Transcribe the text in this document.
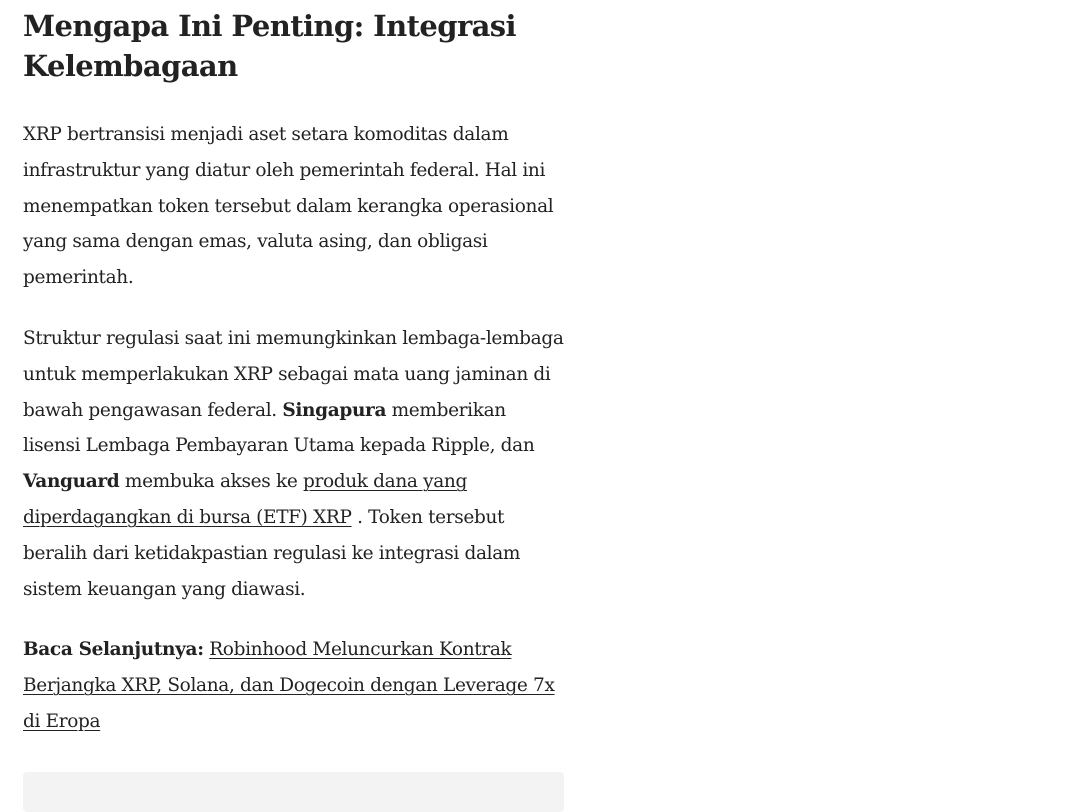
Mengapa Ini Penting: Integrasi Kelembagaan

XRP bertransisi menjadi aset setara komoditas dalam infrastruktur yang diatur oleh pemerintah federal. Hal ini menempatkan token tersebut dalam kerangka operasional yang sama dengan emas, valuta asing, dan obligasi pemerintah.

Struktur regulasi saat ini memungkinkan lembaga-lembaga untuk memperlakukan XRP sebagai mata uang jaminan di bawah pengawasan federal. Singapura memberikan lisensi Lembaga Pembayaran Utama kepada Ripple, dan Vanguard membuka akses ke produk dana yang diperdagangkan di bursa (ETF) XRP . Token tersebut beralih dari ketidakpastian regulasi ke integrasi dalam sistem keuangan yang diawasi.

Baca Selanjutnya: Robinhood Meluncurkan Kontrak Berjangka XRP, Solana, dan Dogecoin dengan Leverage 7x di Eropa
